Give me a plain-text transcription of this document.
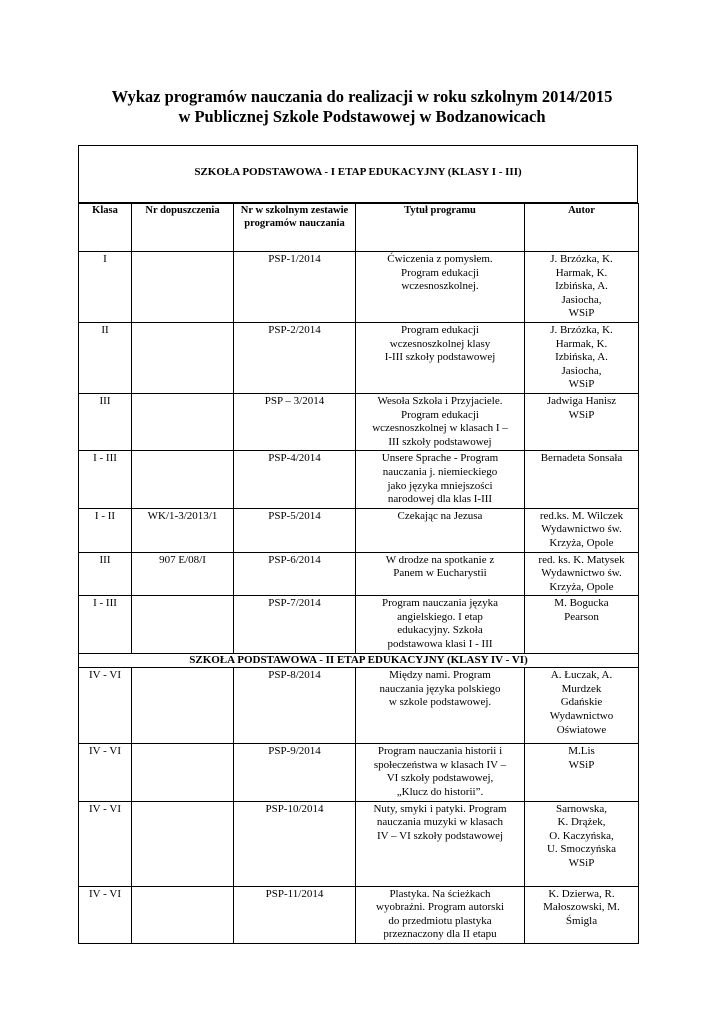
Wykaz programów nauczania do realizacji w roku szkolnym 2014/2015
w Publicznej Szkole Podstawowej w Bodzanowicach
SZKOŁA PODSTAWOWA - I ETAP EDUKACYJNY (KLASY I - III)
Klasa	Nr dopuszczenia	Nr w szkolnym zestawie programów nauczania	Tytuł programu	Autor
I		PSP-1/2014	Ćwiczenia z pomysłem.
Program edukacji
wczesnoszkolnej.	J. Brzózka, K.
Harmak, K.
Izbińska, A.
Jasiocha,
WSiP
II		PSP-2/2014	Program edukacji
wczesnoszkolnej klasy
I-III szkoły podstawowej	J. Brzózka, K.
Harmak, K.
Izbińska, A.
Jasiocha,
WSiP
III		PSP – 3/2014	Wesoła Szkoła i Przyjaciele.
Program edukacji
wczesnoszkolnej w klasach I –
III szkoły podstawowej	Jadwiga Hanisz
WSiP
I - III		PSP-4/2014	Unsere Sprache - Program
nauczania j. niemieckiego
jako języka mniejszości
narodowej dla klas I-III	Bernadeta Sonsała
I - II	WK/1-3/2013/1	PSP-5/2014	Czekając na Jezusa	red.ks. M. Wilczek
Wydawnictwo św.
Krzyża, Opole
III	907 E/08/I	PSP-6/2014	W drodze na spotkanie z
Panem w Eucharystii	red. ks. K. Matysek
Wydawnictwo św.
Krzyża, Opole
I - III		PSP-7/2014	Program nauczania języka
angielskiego. I etap
edukacyjny. Szkoła
podstawowa klasi I - III	M. Bogucka
Pearson
SZKOŁA PODSTAWOWA - II ETAP EDUKACYJNY (KLASY IV - VI)				
IV - VI		PSP-8/2014	Między nami. Program
nauczania języka polskiego
w szkole podstawowej.	A. Łuczak, A.
Murdzek
Gdańskie
Wydawnictwo
Oświatowe
IV - VI		PSP-9/2014	Program nauczania historii i
społeczeństwa w klasach IV –
VI szkoły podstawowej,
„Klucz do historii”.	M.Lis
WSiP
IV - VI		PSP-10/2014	Nuty, smyki i patyki. Program
nauczania muzyki w klasach
IV – VI szkoły podstawowej	Sarnowska,
K. Drążek,
O. Kaczyńska,
U. Smoczyńska
WSiP
IV - VI		PSP-11/2014	Plastyka. Na ścieżkach
wyobraźni. Program autorski
do przedmiotu plastyka
przeznaczony dla II etapu	K. Dzierwa, R.
Małoszowski, M.
Śmigla
